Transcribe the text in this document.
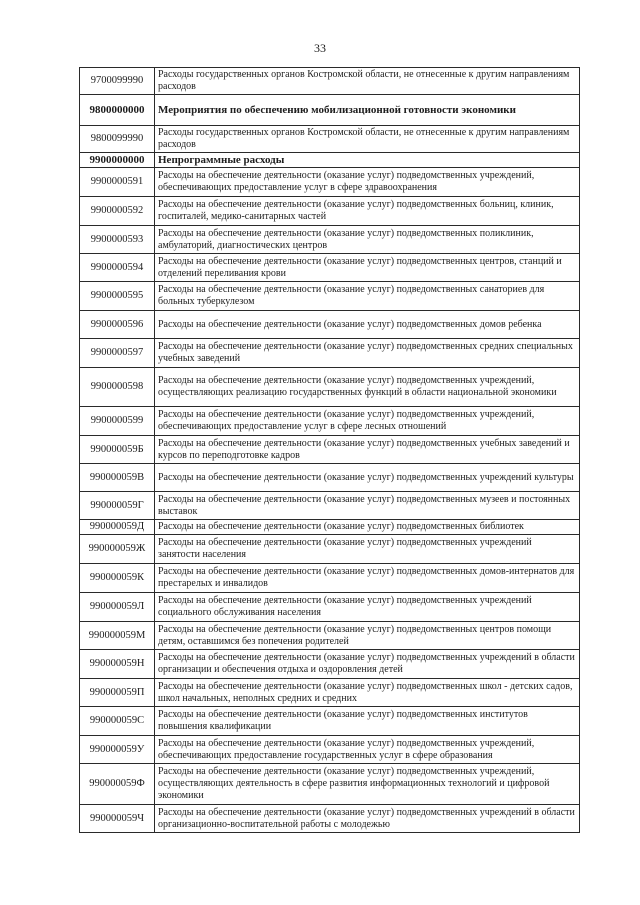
33
9700099990	Расходы государственных органов Костромской области, не отнесенные к другим направлениям расходов
9800000000	Мероприятия по обеспечению мобилизационной готовности экономики
9800099990	Расходы государственных органов Костромской области, не отнесенные к другим направлениям расходов
9900000000	Непрограммные расходы
9900000591	Расходы на обеспечение деятельности (оказание услуг) подведомственных учреждений, обеспечивающих предоставление услуг в сфере здравоохранения
9900000592	Расходы на обеспечение деятельности (оказание услуг) подведомственных больниц, клиник, госпиталей, медико-санитарных частей
9900000593	Расходы на обеспечение деятельности (оказание услуг) подведомственных поликлиник, амбулаторий, диагностических центров
9900000594	Расходы на обеспечение деятельности (оказание услуг) подведомственных центров, станций и отделений переливания крови
9900000595	Расходы на обеспечение деятельности (оказание услуг) подведомственных санаториев для больных туберкулезом
9900000596	Расходы на обеспечение деятельности (оказание услуг) подведомственных домов ребенка
9900000597	Расходы на обеспечение деятельности (оказание услуг) подведомственных средних специальных учебных заведений
9900000598	Расходы на обеспечение деятельности (оказание услуг) подведомственных учреждений, осуществляющих реализацию государственных функций в области национальной экономики
9900000599	Расходы на обеспечение деятельности (оказание услуг) подведомственных учреждений, обеспечивающих предоставление услуг в сфере лесных отношений
990000059Б	Расходы на обеспечение деятельности (оказание услуг) подведомственных учебных заведений и курсов по переподготовке кадров
990000059В	Расходы на обеспечение деятельности (оказание услуг) подведомственных учреждений культуры
990000059Г	Расходы на обеспечение деятельности (оказание услуг) подведомственных музеев и постоянных выставок
990000059Д	Расходы на обеспечение деятельности (оказание услуг) подведомственных библиотек
990000059Ж	Расходы на обеспечение деятельности (оказание услуг) подведомственных учреждений занятости населения
990000059К	Расходы на обеспечение деятельности (оказание услуг) подведомственных домов-интернатов для престарелых и инвалидов
990000059Л	Расходы на обеспечение деятельности (оказание услуг) подведомственных учреждений социального обслуживания населения
990000059М	Расходы на обеспечение деятельности (оказание услуг) подведомственных центров помощи детям, оставшимся без попечения родителей
990000059Н	Расходы на обеспечение деятельности (оказание услуг) подведомственных учреждений в области организации и обеспечения отдыха и оздоровления детей
990000059П	Расходы на обеспечение деятельности (оказание услуг) подведомственных школ - детских садов, школ начальных, неполных средних и средних
990000059С	Расходы на обеспечение деятельности (оказание услуг) подведомственных институтов повышения квалификации
990000059У	Расходы на обеспечение деятельности (оказание услуг) подведомственных учреждений, обеспечивающих предоставление государственных услуг в сфере образования
990000059Ф	Расходы на обеспечение деятельности (оказание услуг) подведомственных учреждений, осуществляющих деятельность в сфере развития информационных технологий и цифровой экономики
990000059Ч	Расходы на обеспечение деятельности (оказание услуг) подведомственных учреждений в области организационно-воспитательной работы с молодежью
